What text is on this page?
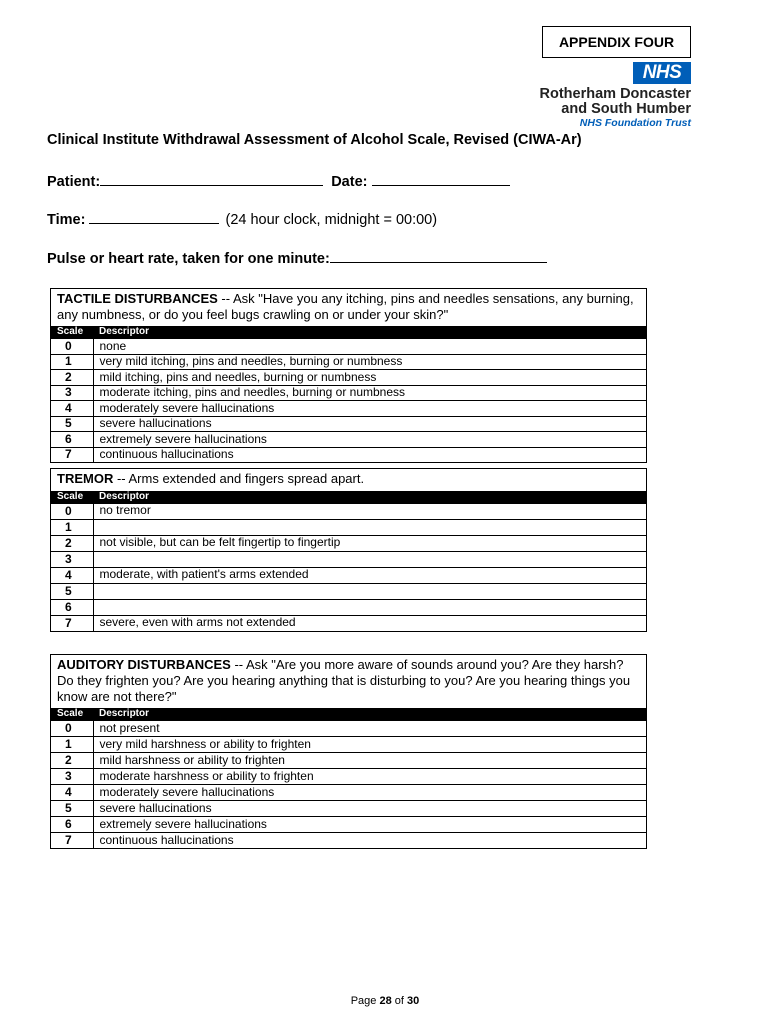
APPENDIX FOUR
NHS
Rotherham Doncaster
and South Humber
NHS Foundation Trust
Clinical Institute Withdrawal Assessment of Alcohol Scale, Revised (CIWA-Ar)
Patient:	Date:
Time:	(24 hour clock, midnight = 00:00)
Pulse or heart rate, taken for one minute:
TACTILE DISTURBANCES -- Ask "Have you any itching, pins and needles sensations, any burning, any numbness, or do you feel bugs crawling on or under your skin?"
Scale	Descriptor
0	none
1	very mild itching, pins and needles, burning or numbness
2	mild itching, pins and needles, burning or numbness
3	moderate itching, pins and needles, burning or numbness
4	moderately severe hallucinations
5	severe hallucinations
6	extremely severe hallucinations
7	continuous hallucinations
TREMOR -- Arms extended and fingers spread apart.
Scale	Descriptor
0	no tremor
1	
2	not visible, but can be felt fingertip to fingertip
3	
4	moderate, with patient's arms extended
5	
6	
7	severe, even with arms not extended
AUDITORY DISTURBANCES -- Ask "Are you more aware of sounds around you? Are they harsh? Do they frighten you? Are you hearing anything that is disturbing to you? Are you hearing things you know are not there?"
Scale	Descriptor
0	not present
1	very mild harshness or ability to frighten
2	mild harshness or ability to frighten
3	moderate harshness or ability to frighten
4	moderately severe hallucinations
5	severe hallucinations
6	extremely severe hallucinations
7	continuous hallucinations
Page 28 of 30
